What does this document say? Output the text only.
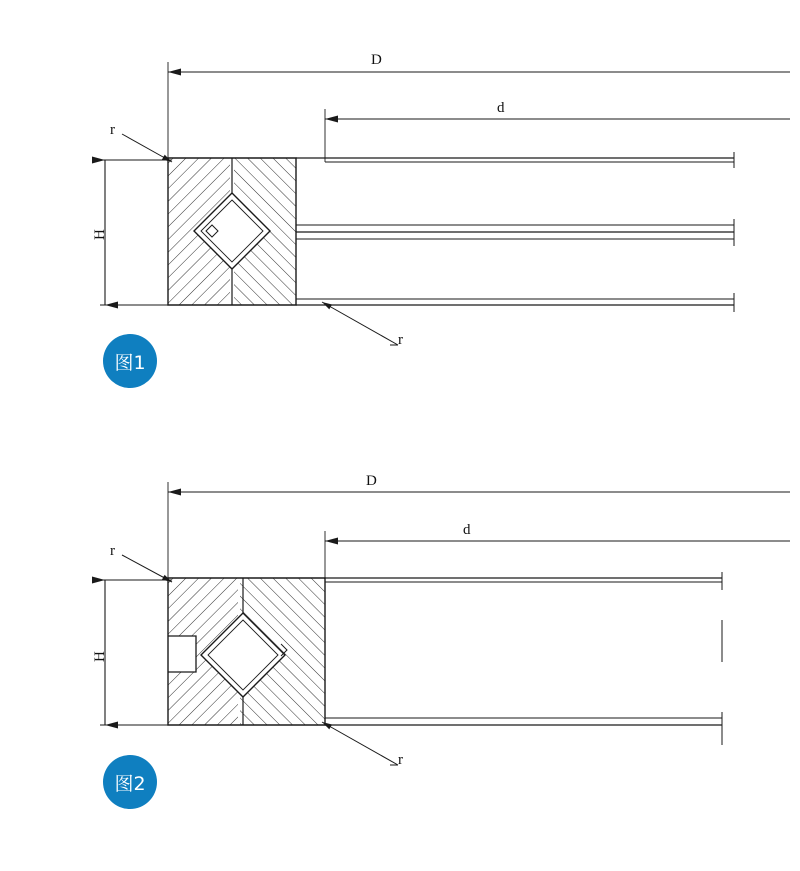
D
d
H
r
r
D
d
H
r
r
图1
图2
